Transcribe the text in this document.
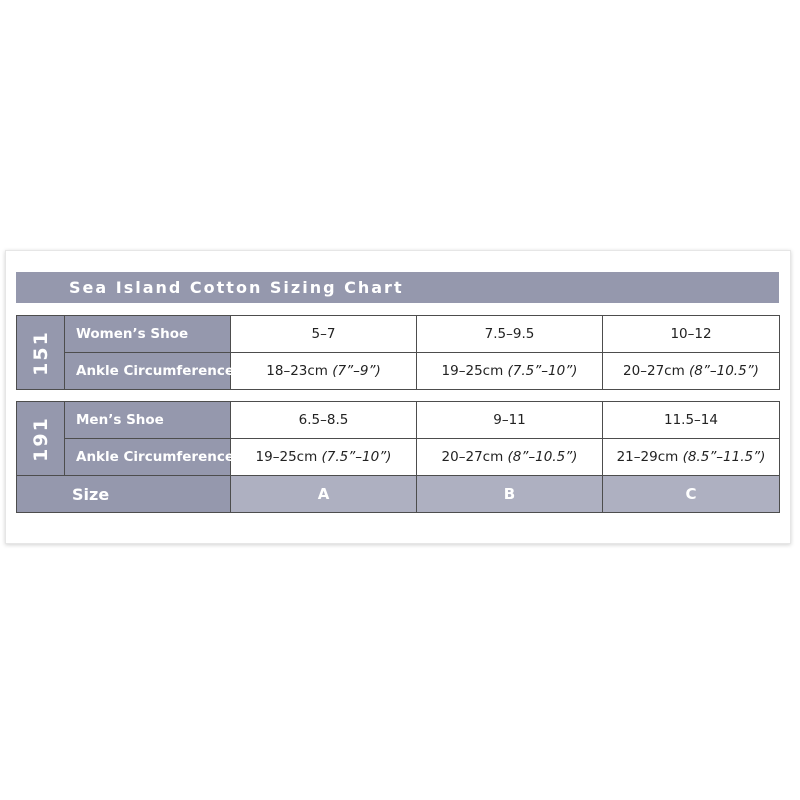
Sea Island Cotton Sizing Chart
151	Women’s Shoe	5–7	7.5–9.5	10–12
	Ankle Circumference	18–23cm (7”–9”)	19–25cm (7.5”–10”)	20–27cm (8”–10.5”)
191	Men’s Shoe	6.5–8.5	9–11	11.5–14
	Ankle Circumference	19–25cm (7.5”–10”)	20–27cm (8”–10.5”)	21–29cm (8.5”–11.5”)
Size		A	B	C
